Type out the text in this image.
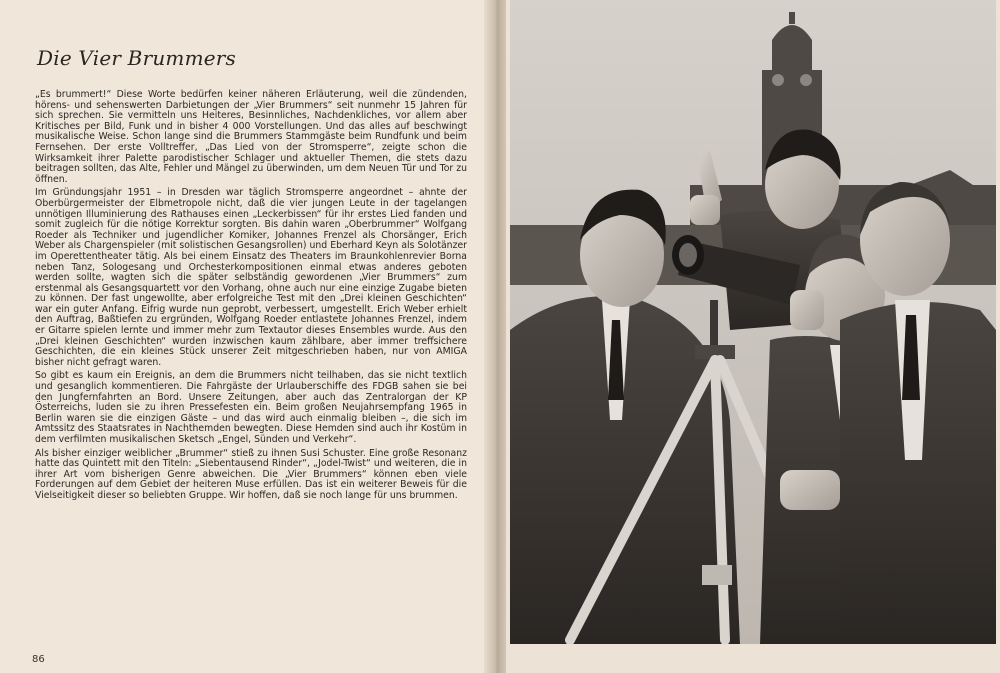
Die Vier Brummers

„Es brummert!“ Diese Worte bedürfen keiner näheren Erläuterung, weil die zündenden, hörens- und sehenswerten Darbietungen der „Vier Brummers“ seit nunmehr 15 Jahren für sich sprechen. Sie vermitteln uns Heiteres, Besinnliches, Nachdenkliches, vor allem aber Kritisches per Bild, Funk und in bisher 4 000 Vorstellungen. Und das alles auf beschwingt musikalische Weise. Schon lange sind die Brummers Stammgäste beim Rundfunk und beim Fernsehen. Der erste Volltreffer, „Das Lied von der Stromsperre“, zeigte schon die Wirksamkeit ihrer Palette parodistischer Schlager und aktueller Themen, die stets dazu beitragen sollten, das Alte, Fehler und Mängel zu überwinden, um dem Neuen Tür und Tor zu öffnen.

Im Gründungsjahr 1951 – in Dresden war täglich Stromsperre angeordnet – ahnte der Oberbürgermeister der Elbmetropole nicht, daß die vier jungen Leute in der tagelangen unnötigen Illuminierung des Rathauses einen „Leckerbissen“ für ihr erstes Lied fanden und somit zugleich für die nötige Korrektur sorgten. Bis dahin waren „Oberbrummer“ Wolfgang Roeder als Techniker und jugendlicher Komiker, Johannes Frenzel als Chorsänger, Erich Weber als Chargenspieler (mit solistischen Gesangsrollen) und Eberhard Keyn als Solotänzer im Operettentheater tätig. Als bei einem Einsatz des Theaters im Braunkohlenrevier Borna neben Tanz, Sologesang und Orchesterkompositionen einmal etwas anderes geboten werden sollte, wagten sich die später selbständig gewordenen „Vier Brummers“ zum erstenmal als Gesangsquartett vor den Vorhang, ohne auch nur eine einzige Zugabe bieten zu können. Der fast ungewollte, aber erfolgreiche Test mit den „Drei kleinen Geschichten“ war ein guter Anfang. Eifrig wurde nun geprobt, verbessert, umgestellt. Erich Weber erhielt den Auftrag, Baßtiefen zu ergründen, Wolfgang Roeder entlastete Johannes Frenzel, indem er Gitarre spielen lernte und immer mehr zum Textautor dieses Ensembles wurde. Aus den „Drei kleinen Geschichten“ wurden inzwischen kaum zählbare, aber immer treffsichere Geschichten, die ein kleines Stück unserer Zeit mitgeschrieben haben, nur von AMIGA bisher nicht gefragt waren.

So gibt es kaum ein Ereignis, an dem die Brummers nicht teilhaben, das sie nicht textlich und gesanglich kommentieren. Die Fahrgäste der Urlauberschiffe des FDGB sahen sie bei den Jungfernfahrten an Bord. Unsere Zeitungen, aber auch das Zentralorgan der KP Österreichs, luden sie zu ihren Pressefesten ein. Beim großen Neujahrsempfang 1965 in Berlin waren sie die einzigen Gäste – und das wird auch einmalig bleiben –, die sich im Amtssitz des Staatsrates in Nachthemden bewegten. Diese Hemden sind auch ihr Kostüm in dem verfilmten musikalischen Sketsch „Engel, Sünden und Verkehr“.

Als bisher einziger weiblicher „Brummer“ stieß zu ihnen Susi Schuster. Eine große Resonanz hatte das Quintett mit den Titeln: „Siebentausend Rinder“, „Jodel-Twist“ und weiteren, die in ihrer Art vom bisherigen Genre abweichen. Die „Vier Brummers“ können eben viele Forderungen auf dem Gebiet der heiteren Muse erfüllen. Das ist ein weiterer Beweis für die Vielseitigkeit dieser so beliebten Gruppe. Wir hoffen, daß sie noch lange für uns brummen.

86
